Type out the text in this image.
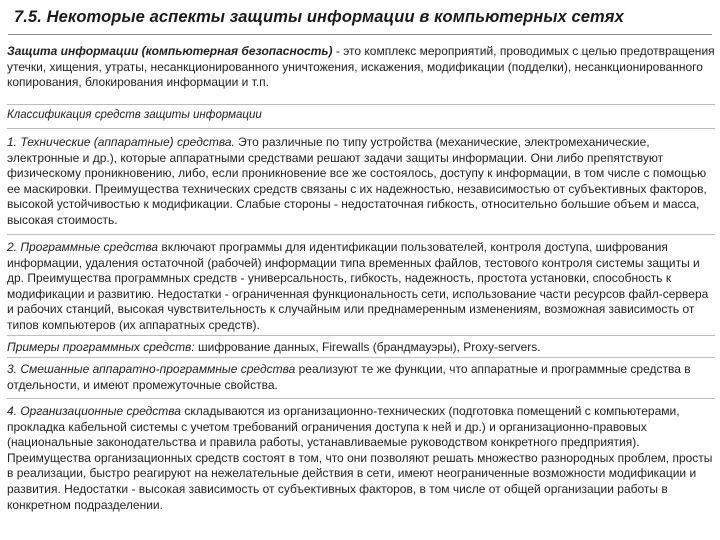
7.5. Некоторые аспекты защиты информации в компьютерных сетях

Защита информации (компьютерная безопасность) - это комплекс мероприятий, проводимых с целью предотвращения утечки, хищения, утраты, несанкционированного уничтожения, искажения, модификации (подделки), несанкционированного копирования, блокирования информации и т.п.

Классификация средств защиты информации

1. Технические (аппаратные) средства. Это различные по типу устройства (механические, электромеханические, электронные и др.), которые аппаратными средствами решают задачи защиты информации. Они либо препятствуют физическому проникновению, либо, если проникновение все же состоялось, доступу к информации, в том числе с помощью ее маскировки. Преимущества технических средств связаны с их надежностью, независимостью от субъективных факторов, высокой устойчивостью к модификации. Слабые стороны - недостаточная гибкость, относительно большие объем и масса, высокая стоимость.

2. Программные средства включают программы для идентификации пользователей, контроля доступа, шифрования информации, удаления остаточной (рабочей) информации типа временных файлов, тестового контроля системы защиты и др. Преимущества программных средств - универсальность, гибкость, надежность, простота установки, способность к модификации и развитию. Недостатки - ограниченная функциональность сети, использование части ресурсов файл-сервера и рабочих станций, высокая чувствительность к случайным или преднамеренным изменениям, возможная зависимость от типов компьютеров (их аппаратных средств).

Примеры программных средств: шифрование данных, Firewalls (брандмауэры), Proxy-servers.

3. Смешанные аппаратно-программные средства реализуют те же функции, что аппаратные и программные средства в отдельности, и имеют промежуточные свойства.

4. Организационные средства складываются из организационно-технических (подготовка помещений с компьютерами, прокладка кабельной системы с учетом требований ограничения доступа к ней и др.) и организационно-правовых (национальные законодательства и правила работы, устанавливаемые руководством конкретного предприятия). Преимущества организационных средств состоят в том, что они позволяют решать множество разнородных проблем, просты в реализации, быстро реагируют на нежелательные действия в сети, имеют неограниченные возможности модификации и развития. Недостатки - высокая зависимость от субъективных факторов, в том числе от общей организации работы в конкретном подразделении.
